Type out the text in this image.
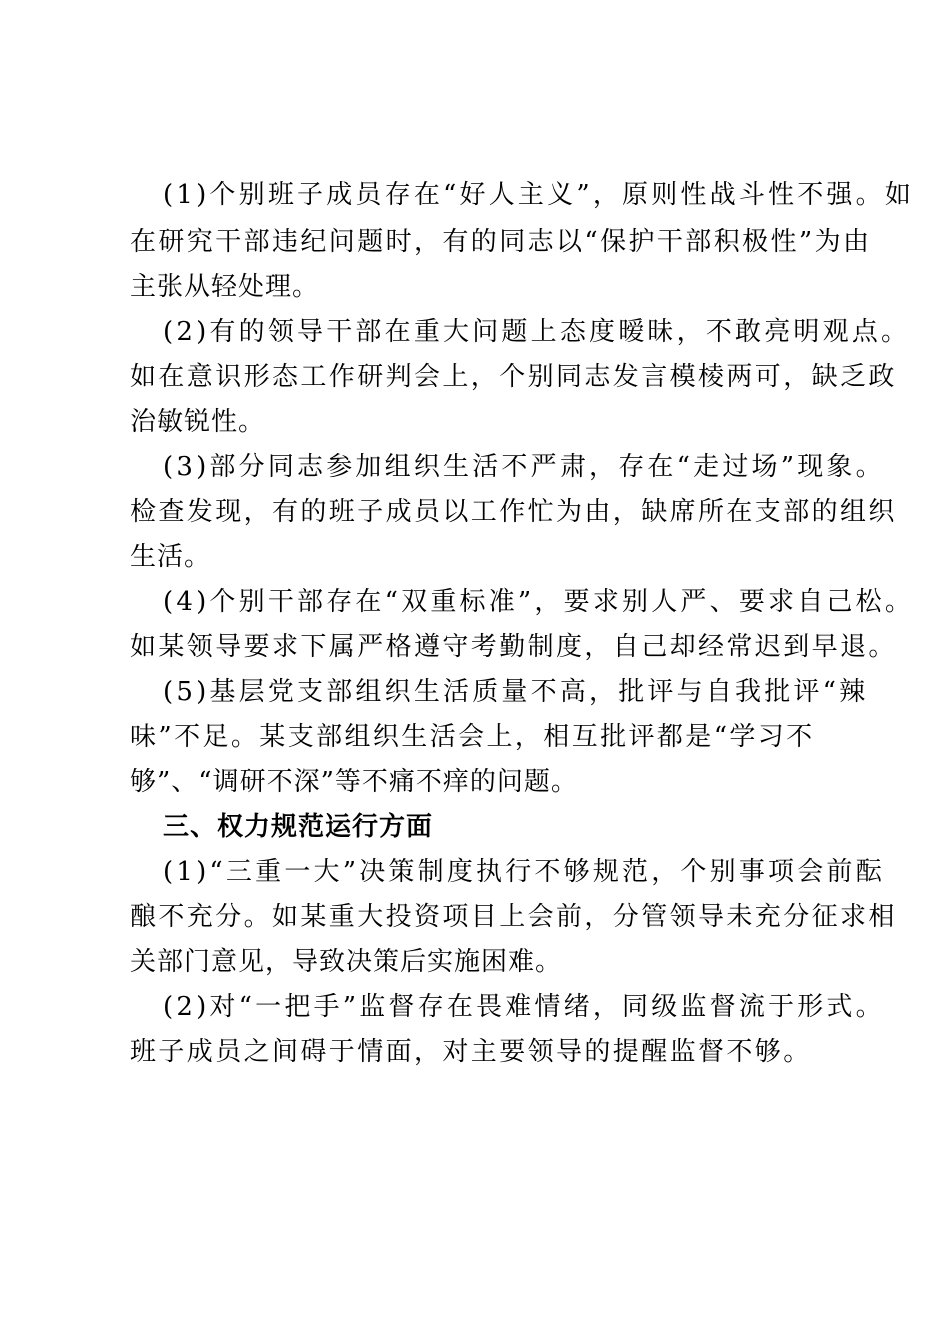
(1)个别班子成员存在“好人主义”，原则性战斗性不强。如
在研究干部违纪问题时，有的同志以“保护干部积极性”为由
主张从轻处理。
(2)有的领导干部在重大问题上态度暧昧，不敢亮明观点。
如在意识形态工作研判会上，个别同志发言模棱两可，缺乏政
治敏锐性。
(3)部分同志参加组织生活不严肃，存在“走过场”现象。
检查发现，有的班子成员以工作忙为由，缺席所在支部的组织
生活。
(4)个别干部存在“双重标准”，要求别人严、要求自己松。
如某领导要求下属严格遵守考勤制度，自己却经常迟到早退。
(5)基层党支部组织生活质量不高，批评与自我批评“辣
味”不足。某支部组织生活会上，相互批评都是“学习不
够”、“调研不深”等不痛不痒的问题。
三、权力规范运行方面
(1)“三重一大”决策制度执行不够规范，个别事项会前酝
酿不充分。如某重大投资项目上会前，分管领导未充分征求相
关部门意见，导致决策后实施困难。
(2)对“一把手”监督存在畏难情绪，同级监督流于形式。
班子成员之间碍于情面，对主要领导的提醒监督不够。
